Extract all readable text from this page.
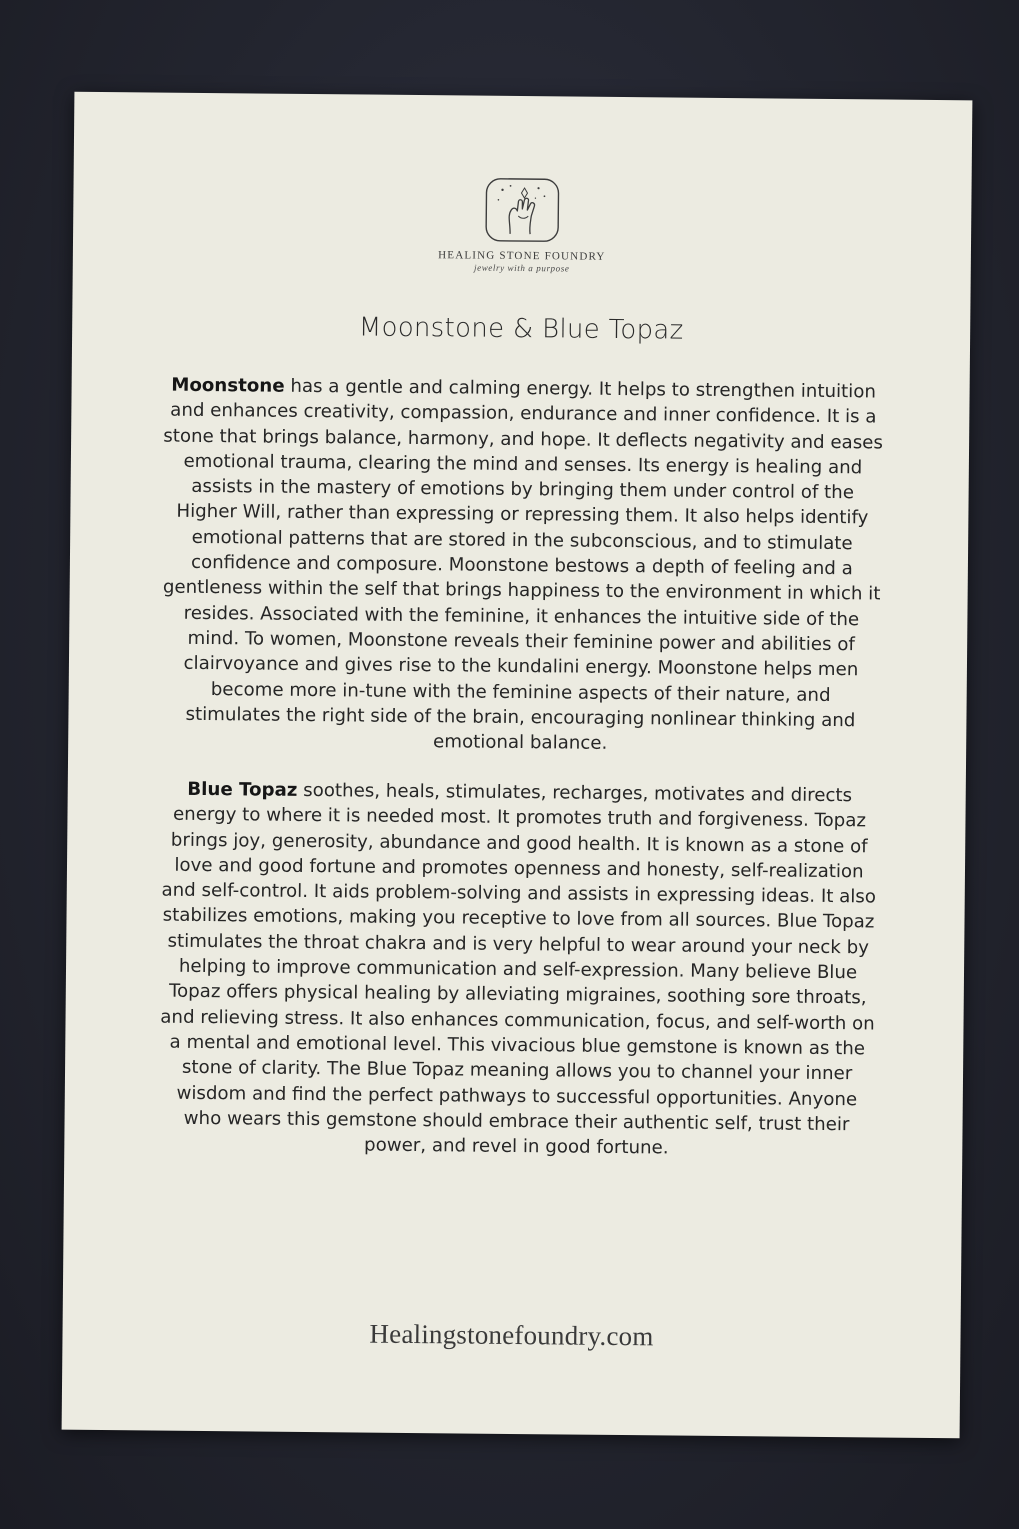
HEALING STONE FOUNDRY
jewelry with a purpose
Moonstone & Blue Topaz
Moonstone has a gentle and calming energy. It helps to strengthen intuition and enhances creativity, compassion, endurance and inner confidence. It is a stone that brings balance, harmony, and hope. It deflects negativity and eases emotional trauma, clearing the mind and senses. Its energy is healing and assists in the mastery of emotions by bringing them under control of the Higher Will, rather than expressing or repressing them. It also helps identify emotional patterns that are stored in the subconscious, and to stimulate confidence and composure. Moonstone bestows a depth of feeling and a gentleness within the self that brings happiness to the environment in which it resides. Associated with the feminine, it enhances the intuitive side of the mind. To women, Moonstone reveals their feminine power and abilities of clairvoyance and gives rise to the kundalini energy. Moonstone helps men become more in-tune with the feminine aspects of their nature, and stimulates the right side of the brain, encouraging nonlinear thinking and emotional balance.
Blue Topaz soothes, heals, stimulates, recharges, motivates and directs energy to where it is needed most. It promotes truth and forgiveness. Topaz brings joy, generosity, abundance and good health. It is known as a stone of love and good fortune and promotes openness and honesty, self-realization and self-control. It aids problem-solving and assists in expressing ideas. It also stabilizes emotions, making you receptive to love from all sources. Blue Topaz stimulates the throat chakra and is very helpful to wear around your neck by helping to improve communication and self-expression. Many believe Blue Topaz offers physical healing by alleviating migraines, soothing sore throats, and relieving stress. It also enhances communication, focus, and self-worth on a mental and emotional level. This vivacious blue gemstone is known as the stone of clarity. The Blue Topaz meaning allows you to channel your inner wisdom and find the perfect pathways to successful opportunities. Anyone who wears this gemstone should embrace their authentic self, trust their power, and revel in good fortune.
Healingstonefoundry.com
